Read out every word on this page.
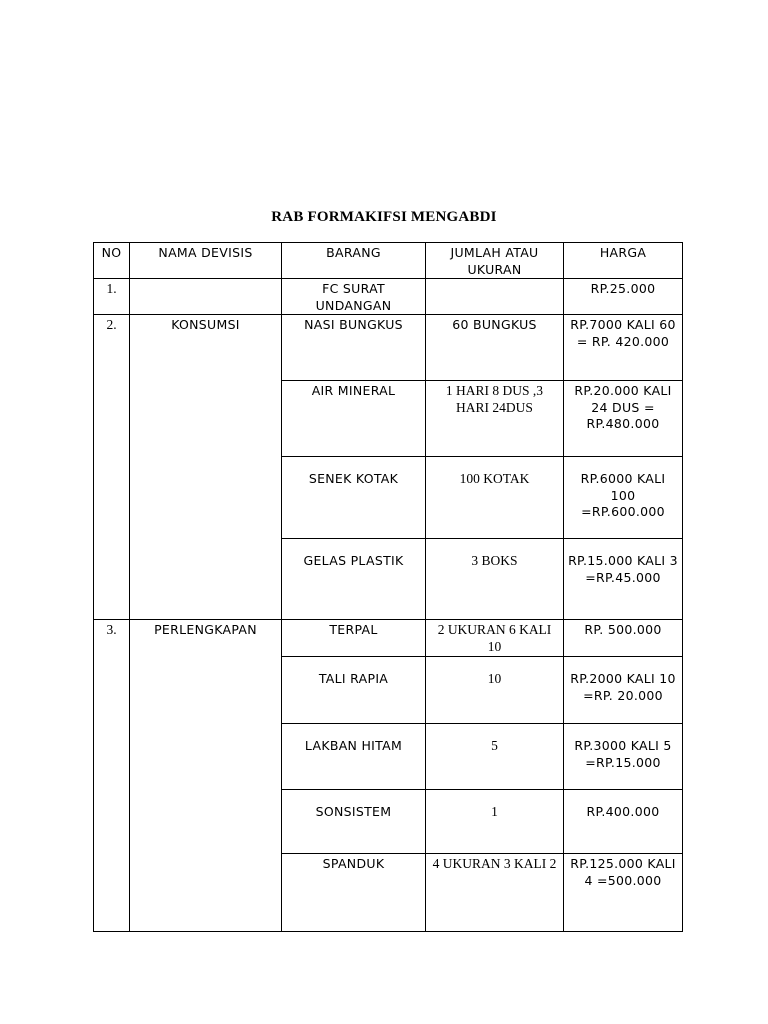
RAB FORMAKIFSI MENGABDI
NO	NAMA DEVISIS	BARANG	JUMLAH ATAU UKURAN	HARGA
1.		FC SURAT UNDANGAN		RP.25.000
2.	KONSUMSI	NASI BUNGKUS	60 BUNGKUS	RP.7000 KALI 60 = RP. 420.000
		AIR MINERAL	1 HARI 8 DUS ,3 HARI 24DUS	RP.20.000 KALI 24 DUS = RP.480.000
		SENEK KOTAK	100 KOTAK	RP.6000 KALI 100 =RP.600.000
		GELAS PLASTIK	3 BOKS	RP.15.000 KALI 3 =RP.45.000
3.	PERLENGKAPAN	TERPAL	2 UKURAN 6 KALI 10	RP. 500.000
		TALI RAPIA	10	RP.2000 KALI 10 =RP. 20.000
		LAKBAN HITAM	5	RP.3000 KALI 5 =RP.15.000
		SONSISTEM	1	RP.400.000
		SPANDUK	4 UKURAN 3 KALI 2	RP.125.000 KALI 4 =500.000
